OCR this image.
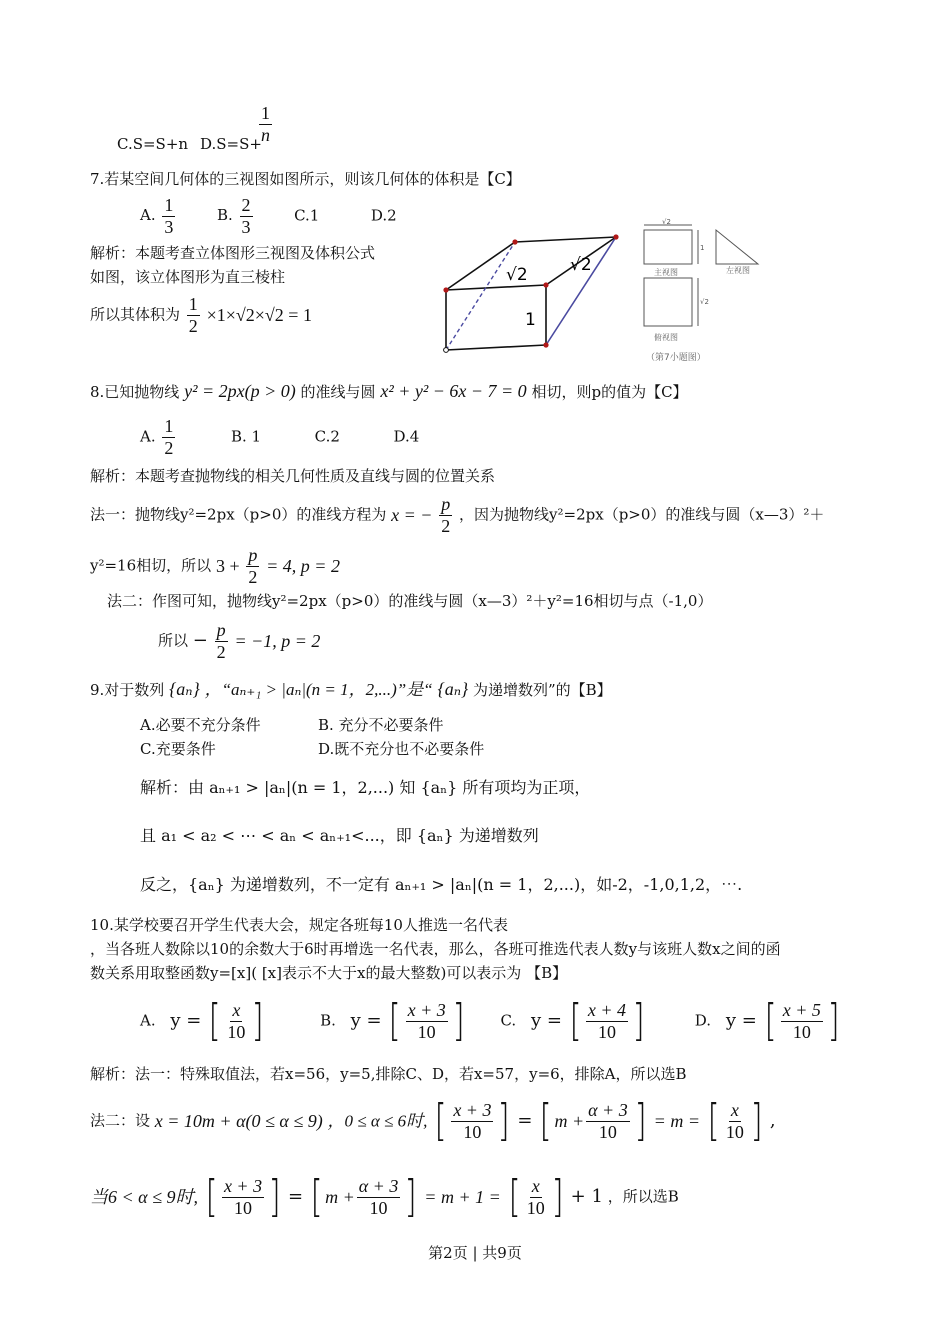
C.S=S+n D.S=S+
$\frac{1}{n}$
7.若某空间几何体的三视图如图所示，则该几何体的体积是【C】
A. $\frac{1}{3}$	B. $\frac{2}{3}$	C.1	D.2
解析：本题考查立体图形三视图及体积公式
如图，该立体图形为直三棱柱
所以其体积为 $\frac{1}{2} \times 1\times√2\times√2 = 1$
√2 √2
1
√2
1
√2
主视图	左视图
俯视图
（第7小题图）
8.已知抛物线 y² = 2px(p > 0) 的准线与圆 x² + y² − 6x − 7 = 0 相切，则p的值为【C】
A. $\frac{1}{2}$	B. 1	C.2	D.4
解析：本题考查抛物线的相关几何性质及直线与圆的位置关系
法一：抛物线y²=2px（p>0）的准线方程为 x = − $\frac{p}{2}$ ，因为抛物线y²=2px（p>0）的准线与圆（x—3）²＋
y²=16相切，所以 $3 + \frac{p}{2} = 4$, p = 2
法二：作图可知，抛物线y²=2px（p>0）的准线与圆（x—3）²＋y²=16相切与点（-1,0）
所以 − $\frac{p}{2} = -1$, p = 2
9.对于数列 {aₙ} ，“aₙ₊₁ > |aₙ|(n = 1，2,...)”是“ {aₙ} 为递增数列”的【B】
A.必要不充分条件	B. 充分不必要条件
C.充要条件	D.既不充分也不必要条件
解析：由 aₙ₊₁ > |aₙ|(n = 1，2,...) 知 {aₙ} 所有项均为正项，
且 a₁ < a₂ < ⋯ < aₙ < aₙ₊₁<...，即 {aₙ} 为递增数列
反之，{aₙ} 为递增数列，不一定有 aₙ₊₁ > |aₙ|(n = 1，2,...)，如-2，-1,0,1,2，⋯.
10.某学校要召开学生代表大会，规定各班每10人推选一名代表
，当各班人数除以10的余数大于6时再增选一名代表，那么，各班可推选代表人数y与该班人数x之间的函
数关系用取整函数y=[x]( [x]表示不大于x的最大整数)可以表示为 【B】
A. y = [ $\frac{x}{10}$ ]	B. y = [ $\frac{x + 3}{10}$ ] C. y = [ $\frac{x + 4}{10}$ ]	D. y = [ $\frac{x + 5}{10}$ ]
解析：法一：特殊取值法，若x=56，y=5,排除C、D，若x=57，y=6，排除A，所以选B
法二：设 x = 10m + α(0 ≤ α ≤ 9) ，0 ≤ α ≤ 6时, [ $\frac{x + 3}{10}$ ] = [ $m + \frac{\alpha + 3}{10}$ ] = m = [ $\frac{x}{10}$ ] ,
当6 < α ≤ 9时, [ $\frac{x + 3}{10}$ ] = [ $m + \frac{\alpha + 3}{10}$ ] = m + 1 = [ $\frac{x}{10}$ ] + 1 ，所以选B
第2页 | 共9页
